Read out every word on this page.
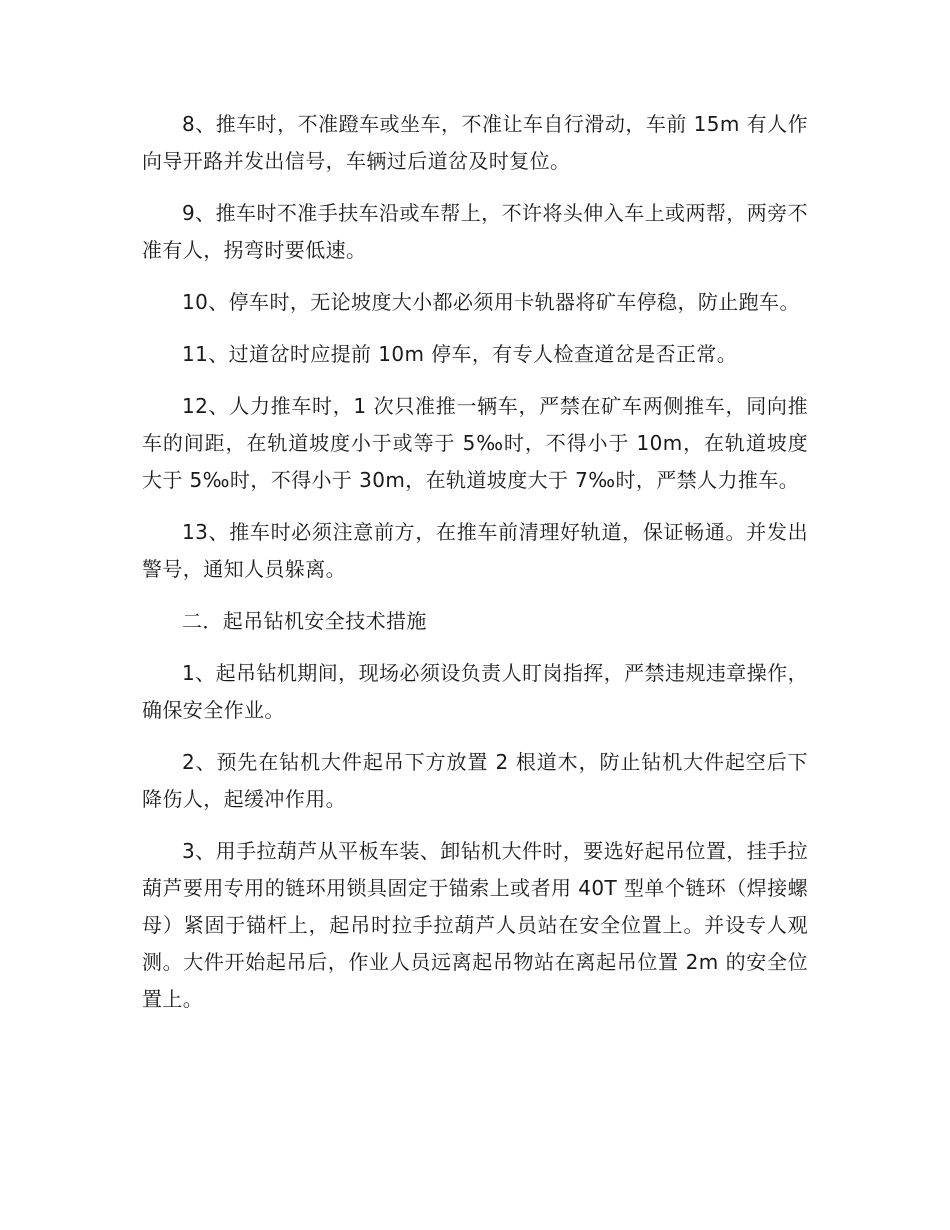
8、推车时，不准蹬车或坐车，不准让车自行滑动，车前 15m 有人作向导开路并发出信号，车辆过后道岔及时复位。

9、推车时不准手扶车沿或车帮上，不许将头伸入车上或两帮，两旁不准有人，拐弯时要低速。

10、停车时，无论坡度大小都必须用卡轨器将矿车停稳，防止跑车。

11、过道岔时应提前 10m 停车，有专人检查道岔是否正常。

12、人力推车时，1 次只准推一辆车，严禁在矿车两侧推车，同向推车的间距，在轨道坡度小于或等于 5‰时，不得小于 10m，在轨道坡度大于 5‰时，不得小于 30m，在轨道坡度大于 7‰时，严禁人力推车。

13、推车时必须注意前方，在推车前清理好轨道，保证畅通。并发出警号，通知人员躲离。

二．起吊钻机安全技术措施

1、起吊钻机期间，现场必须设负责人盯岗指挥，严禁违规违章操作，确保安全作业。

2、预先在钻机大件起吊下方放置 2 根道木，防止钻机大件起空后下降伤人，起缓冲作用。

3、用手拉葫芦从平板车装、卸钻机大件时，要选好起吊位置，挂手拉葫芦要用专用的链环用锁具固定于锚索上或者用 40T 型单个链环（焊接螺母）紧固于锚杆上，起吊时拉手拉葫芦人员站在安全位置上。并设专人观测。大件开始起吊后，作业人员远离起吊物站在离起吊位置 2m 的安全位置上。
